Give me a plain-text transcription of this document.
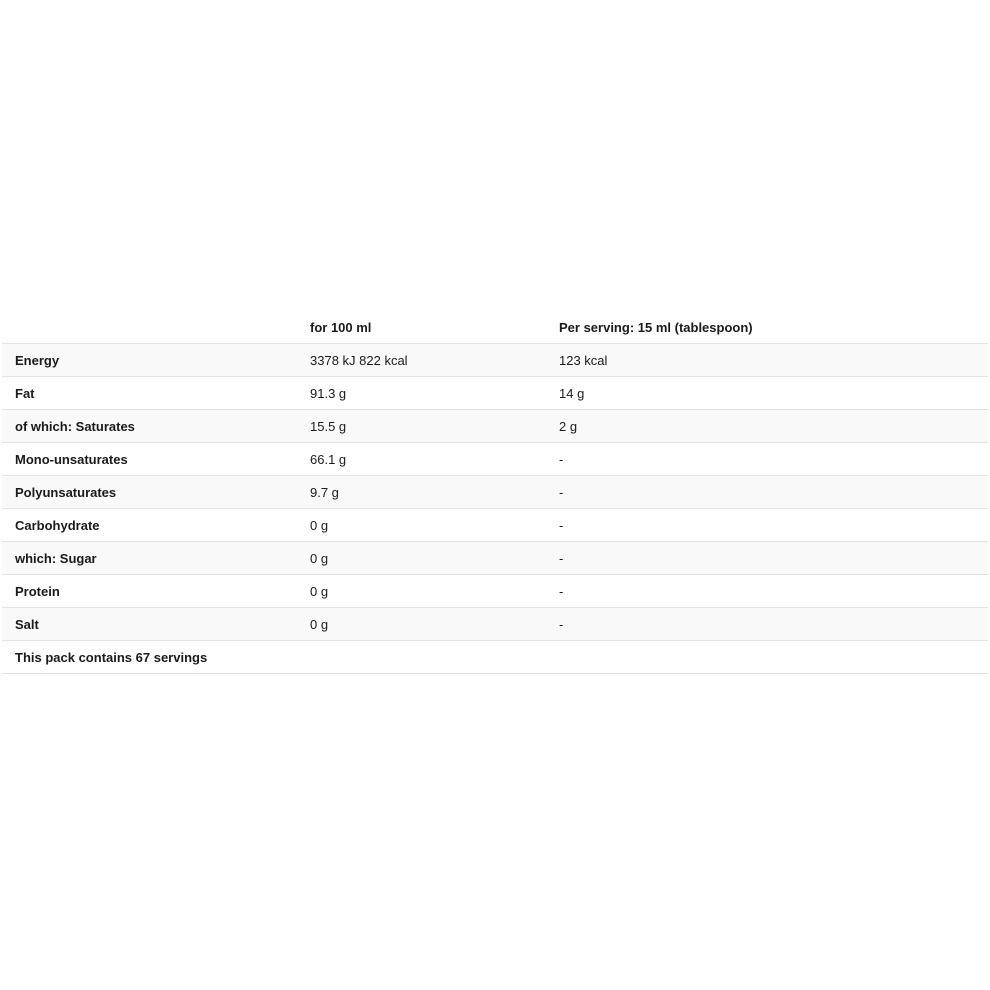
	for 100 ml	Per serving: 15 ml (tablespoon)
Energy	3378 kJ 822 kcal	123 kcal
Fat	91.3 g	14 g
of which: Saturates	15.5 g	2 g
Mono-unsaturates	66.1 g	-
Polyunsaturates	9.7 g	-
Carbohydrate	0 g	-
which: Sugar	0 g	-
Protein	0 g	-
Salt	0 g	-
This pack contains 67 servings		
